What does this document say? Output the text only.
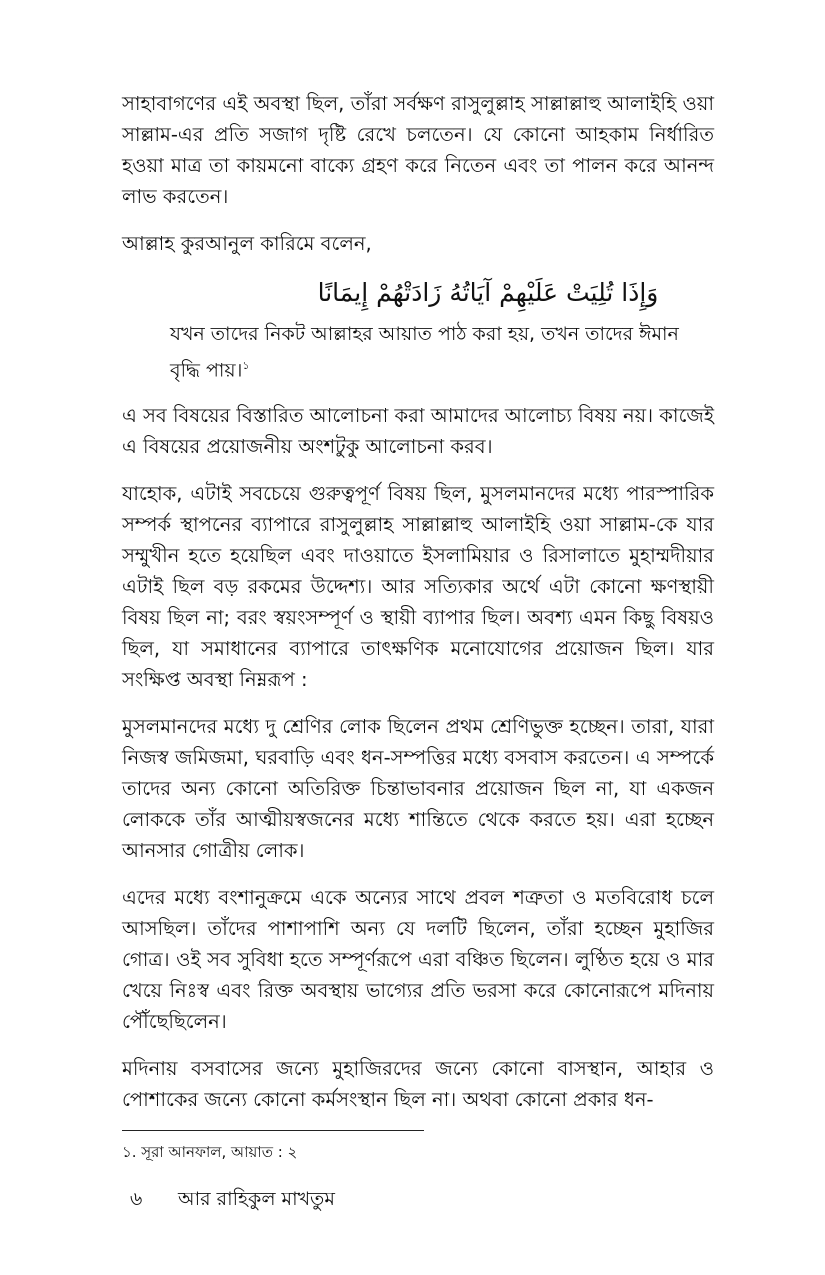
সাহাবাগণের এই অবস্থা ছিল, তাঁরা সর্বক্ষণ রাসুলুল্লাহ সাল্লাল্লাহু আলাইহি ওয়া সাল্লাম-এর প্রতি সজাগ দৃষ্টি রেখে চলতেন। যে কোনো আহকাম নির্ধারিত হওয়া মাত্র তা কায়মনো বাক্যে গ্রহণ করে নিতেন এবং তা পালন করে আনন্দ লাভ করতেন।

আল্লাহ কুরআনুল কারিমে বলেন,

وَإِذَا تُلِيَتْ عَلَيْهِمْ آيَاتُهُ زَادَتْهُمْ إِيمَانًا

যখন তাদের নিকট আল্লাহর আয়াত পাঠ করা হয়, তখন তাদের ঈমান বৃদ্ধি পায়।$^১$

এ সব বিষয়ের বিস্তারিত আলোচনা করা আমাদের আলোচ্য বিষয় নয়। কাজেই এ বিষয়ের প্রয়োজনীয় অংশটুকু আলোচনা করব।

যাহোক, এটাই সবচেয়ে গুরুত্বপূর্ণ বিষয় ছিল, মুসলমানদের মধ্যে পারস্পারিক সম্পর্ক স্থাপনের ব্যাপারে রাসুলুল্লাহ সাল্লাল্লাহু আলাইহি ওয়া সাল্লাম-কে যার সম্মুখীন হতে হয়েছিল এবং দাওয়াতে ইসলামিয়ার ও রিসালাতে মুহাম্মদীয়ার এটাই ছিল বড় রকমের উদ্দেশ্য। আর সত্যিকার অর্থে এটা কোনো ক্ষণস্থায়ী বিষয় ছিল না; বরং স্বয়ংসম্পূর্ণ ও স্থায়ী ব্যাপার ছিল। অবশ্য এমন কিছু বিষয়ও ছিল, যা সমাধানের ব্যাপারে তাৎক্ষণিক মনোযোগের প্রয়োজন ছিল। যার সংক্ষিপ্ত অবস্থা নিম্নরূপ :

মুসলমানদের মধ্যে দু শ্রেণির লোক ছিলেন প্রথম শ্রেণিভুক্ত হচ্ছেন। তারা, যারা নিজস্ব জমিজমা, ঘরবাড়ি এবং ধন-সম্পত্তির মধ্যে বসবাস করতেন। এ সম্পর্কে তাদের অন্য কোনো অতিরিক্ত চিন্তাভাবনার প্রয়োজন ছিল না, যা একজন লোককে তাঁর আত্মীয়স্বজনের মধ্যে শান্তিতে থেকে করতে হয়। এরা হচ্ছেন আনসার গোত্রীয় লোক।

এদের মধ্যে বংশানুক্রমে একে অন্যের সাথে প্রবল শত্রুতা ও মতবিরোধ চলে আসছিল। তাঁদের পাশাপাশি অন্য যে দলটি ছিলেন, তাঁরা হচ্ছেন মুহাজির গোত্র। ওই সব সুবিধা হতে সম্পূর্ণরূপে এরা বঞ্চিত ছিলেন। লুণ্ঠিত হয়ে ও মার খেয়ে নিঃস্ব এবং রিক্ত অবস্থায় ভাগ্যের প্রতি ভরসা করে কোনোরূপে মদিনায় পৌঁছেছিলেন।

মদিনায় বসবাসের জন্যে মুহাজিরদের জন্যে কোনো বাসস্থান, আহার ও পোশাকের জন্যে কোনো কর্মসংস্থান ছিল না। অথবা কোনো প্রকার ধন-

১. সূরা আনফাল, আয়াত : ২
৬ আর রাহিকুল মাখতুম
